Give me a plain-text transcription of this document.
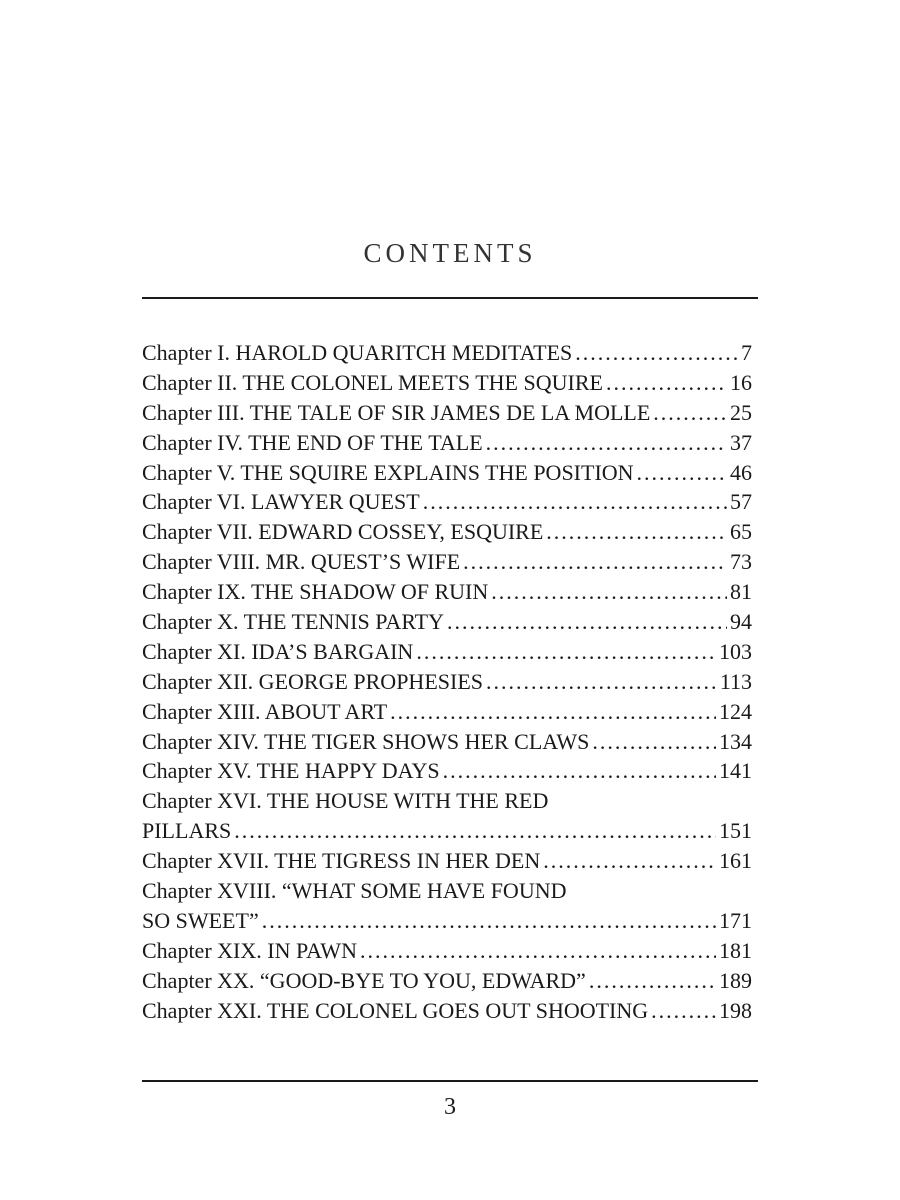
CONTENTS
Chapter I. HAROLD QUARITCH MEDITATES .....	7
Chapter II. THE COLONEL MEETS THE SQUIRE .....	16
Chapter III. THE TALE OF SIR JAMES DE LA MOLLE .....	25
Chapter IV. THE END OF THE TALE .....	37
Chapter V. THE SQUIRE EXPLAINS THE POSITION .....	46
Chapter VI. LAWYER QUEST .....	57
Chapter VII. EDWARD COSSEY, ESQUIRE .....	65
Chapter VIII. MR. QUEST’S WIFE .....	73
Chapter IX. THE SHADOW OF RUIN .....	81
Chapter X. THE TENNIS PARTY .....	94
Chapter XI. IDA’S BARGAIN .....	103
Chapter XII. GEORGE PROPHESIES .....	113
Chapter XIII. ABOUT ART .....	124
Chapter XIV. THE TIGER SHOWS HER CLAWS .....	134
Chapter XV. THE HAPPY DAYS .....	141
Chapter XVI. THE HOUSE WITH THE RED
PILLARS .....	151
Chapter XVII. THE TIGRESS IN HER DEN .....	161
Chapter XVIII. “WHAT SOME HAVE FOUND
SO SWEET” .....	171
Chapter XIX. IN PAWN .....	181
Chapter XX. “GOOD-BYE TO YOU, EDWARD” .....	189
Chapter XXI. THE COLONEL GOES OUT SHOOTING .....	198
3
